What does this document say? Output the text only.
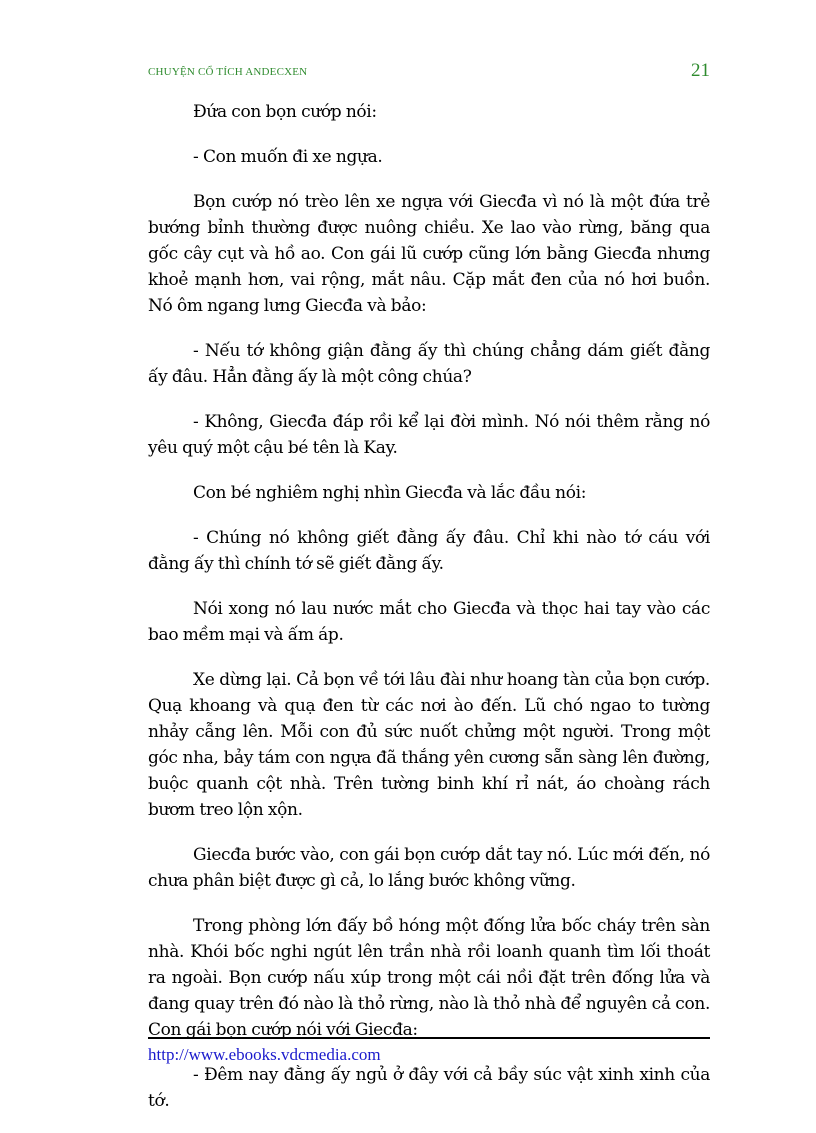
CHUYỆN CỔ TÍCH ANDECXEN	21

Đứa con bọn cướp nói:

- Con muốn đi xe ngựa.

Bọn cướp nó trèo lên xe ngựa với Giecđa vì nó là một đứa trẻ bướng bỉnh thường được nuông chiều. Xe lao vào rừng, băng qua gốc cây cụt và hồ ao. Con gái lũ cướp cũng lớn bằng Giecđa nhưng khoẻ mạnh hơn, vai rộng, mắt nâu. Cặp mắt đen của nó hơi buồn. Nó ôm ngang lưng Giecđa và bảo:

- Nếu tớ không giận đằng ấy thì chúng chẳng dám giết đằng ấy đâu. Hẳn đằng ấy là một công chúa?

- Không, Giecđa đáp rồi kể lại đời mình. Nó nói thêm rằng nó yêu quý một cậu bé tên là Kay.

Con bé nghiêm nghị nhìn Giecđa và lắc đầu nói:

- Chúng nó không giết đằng ấy đâu. Chỉ khi nào tớ cáu với đằng ấy thì chính tớ sẽ giết đằng ấy.

Nói xong nó lau nước mắt cho Giecđa và thọc hai tay vào các bao mềm mại và ấm áp.

Xe dừng lại. Cả bọn về tới lâu đài như hoang tàn của bọn cướp. Quạ khoang và quạ đen từ các nơi ào đến. Lũ chó ngao to tường nhảy cẫng lên. Mỗi con đủ sức nuốt chửng một người. Trong một góc nha, bảy tám con ngựa đã thắng yên cương sẵn sàng lên đường, buộc quanh cột nhà. Trên tường binh khí rỉ nát, áo choàng rách bươm treo lộn xộn.

Giecđa bước vào, con gái bọn cướp dắt tay nó. Lúc mới đến, nó chưa phân biệt được gì cả, lo lắng bước không vững.

Trong phòng lớn đấy bồ hóng một đống lửa bốc cháy trên sàn nhà. Khói bốc nghi ngút lên trần nhà rồi loanh quanh tìm lối thoát ra ngoài. Bọn cướp nấu xúp trong một cái nồi đặt trên đống lửa và đang quay trên đó nào là thỏ rừng, nào là thỏ nhà để nguyên cả con. Con gái bọn cướp nói với Giecđa:

- Đêm nay đằng ấy ngủ ở đây với cả bầy súc vật xinh xinh của tớ.

http://www.ebooks.vdcmedia.com
